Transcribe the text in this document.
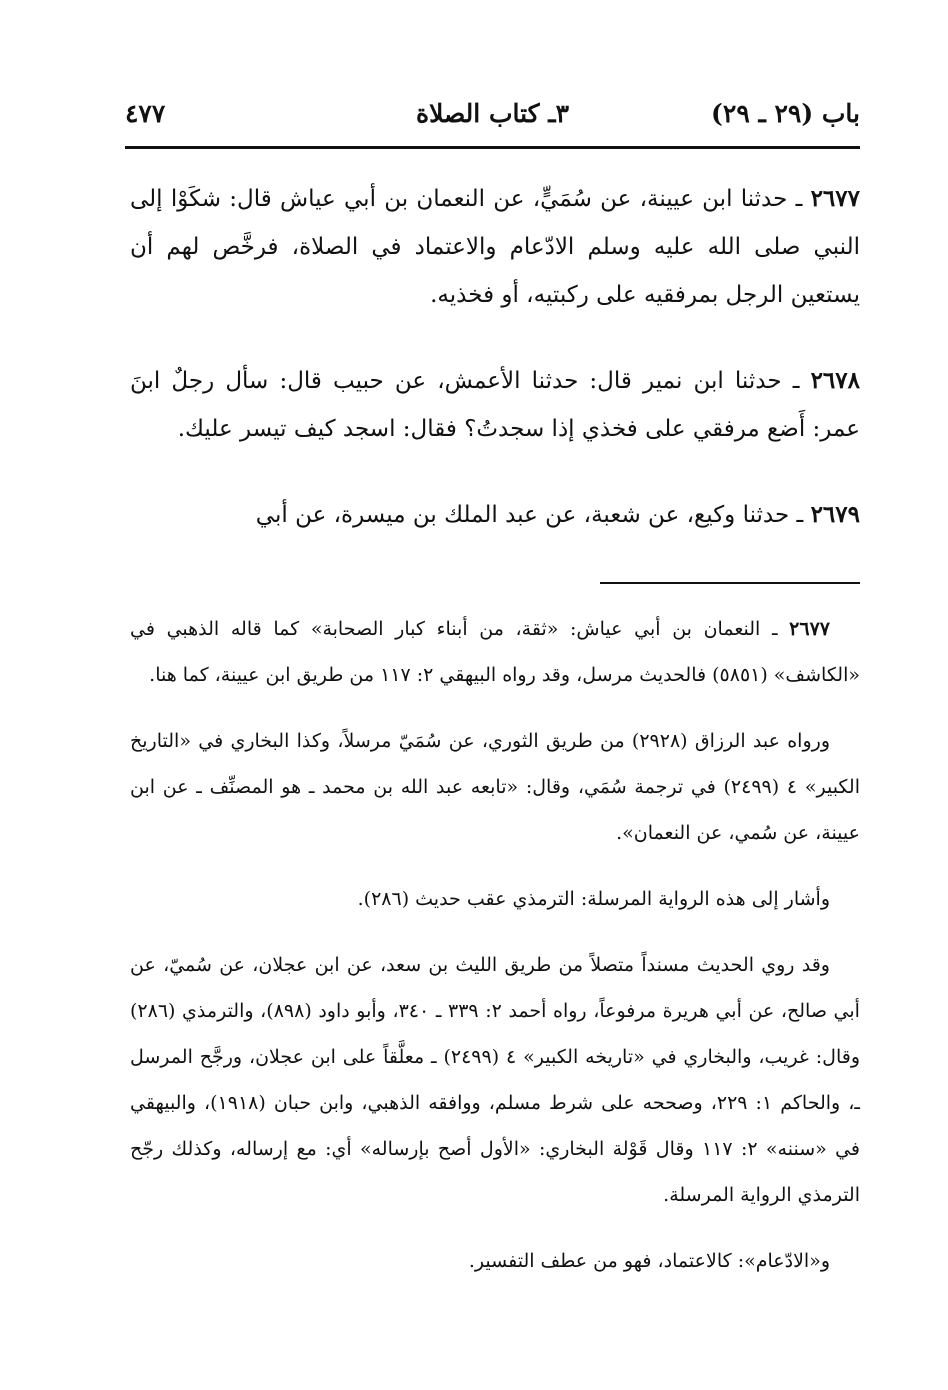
باب (٢٩ ـ ٢٩)
٣ـ كتاب الصلاة
٤٧٧

٢٦٧٧ ـ حدثنا ابن عيينة، عن سُمَيٍّ، عن النعمان بن أبي عياش قال: شكَوْا إلى النبي صلى الله عليه وسلم الادّعام والاعتماد في الصلاة، فرخَّص لهم أن يستعين الرجل بمرفقيه على ركبتيه، أو فخذيه.

٢٦٧٨ ـ حدثنا ابن نمير قال: حدثنا الأعمش، عن حبيب قال: سأل رجلٌ ابنَ عمر: أَضع مرفقي على فخذي إذا سجدتُ؟ فقال: اسجد كيف تيسر عليك.

٢٦٧٩ ـ حدثنا وكيع، عن شعبة، عن عبد الملك بن ميسرة، عن أبي

٢٦٧٧ ـ النعمان بن أبي عياش: «ثقة، من أبناء كبار الصحابة» كما قاله الذهبي في «الكاشف» (٥٨٥١) فالحديث مرسل، وقد رواه البيهقي ٢: ١١٧ من طريق ابن عيينة، كما هنا.

ورواه عبد الرزاق (٢٩٢٨) من طريق الثوري، عن سُمَيّ مرسلاً، وكذا البخاري في «التاريخ الكبير» ٤ (٢٤٩٩) في ترجمة سُمَي، وقال: «تابعه عبد الله بن محمد ـ هو المصنِّف ـ عن ابن عيينة، عن سُمي، عن النعمان».

وأشار إلى هذه الرواية المرسلة: الترمذي عقب حديث (٢٨٦).

وقد روي الحديث مسنداً متصلاً من طريق الليث بن سعد، عن ابن عجلان، عن سُميّ، عن أبي صالح، عن أبي هريرة مرفوعاً، رواه أحمد ٢: ٣٣٩ ـ ٣٤٠، وأبو داود (٨٩٨)، والترمذي (٢٨٦) وقال: غريب، والبخاري في «تاريخه الكبير» ٤ (٢٤٩٩) ـ معلَّقاً على ابن عجلان، ورجَّح المرسل ـ، والحاكم ١: ٢٢٩، وصححه على شرط مسلم، ووافقه الذهبي، وابن حبان (١٩١٨)، والبيهقي في «سننه» ٢: ١١٧ وقال قَوْلة البخاري: «الأول أصح بإرساله» أي: مع إرساله، وكذلك رجّح الترمذي الرواية المرسلة.

و«الادّعام»: كالاعتماد، فهو من عطف التفسير.
